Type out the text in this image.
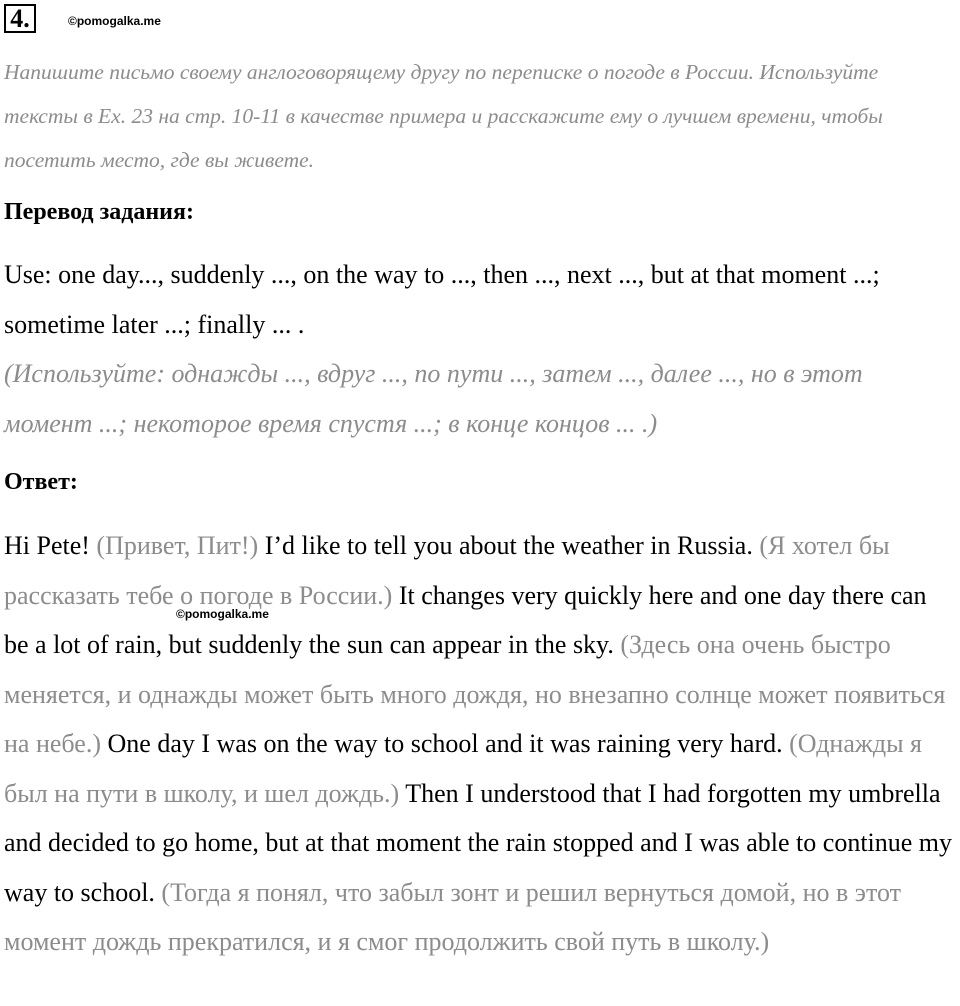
4.	©pomogalka.me
Напишите письмо своему англоговорящему другу по переписке о погоде в России. Используйте тексты в Ex. 23 на стр. 10-11 в качестве примера и расскажите ему о лучшем времени, чтобы посетить место, где вы живете.
Перевод задания:
Use: one day..., suddenly ..., on the way to ..., then ..., next ..., but at that moment ...; sometime later ...; finally ... .
(Используйте: однажды ..., вдруг ..., по пути ..., затем ..., далее ..., но в этот момент ...; некоторое время спустя ...; в конце концов ... .)
Ответ:
Hi Pete! (Привет, Пит!) I’d like to tell you about the weather in Russia. (Я хотел бы рассказать тебе о погоде в России.) It changes very quickly here and one day there can be a lot of rain, but suddenly the sun can appear in the sky. (Здесь она очень быстро меняется, и однажды может быть много дождя, но внезапно солнце может появиться на небе.) One day I was on the way to school and it was raining very hard. (Однажды я был на пути в школу, и шел дождь.) Then I understood that I had forgotten my umbrella and decided to go home, but at that moment the rain stopped and I was able to continue my way to school. (Тогда я понял, что забыл зонт и решил вернуться домой, но в этот момент дождь прекратился, и я смог продолжить свой путь в школу.)
©pomogalka.me
